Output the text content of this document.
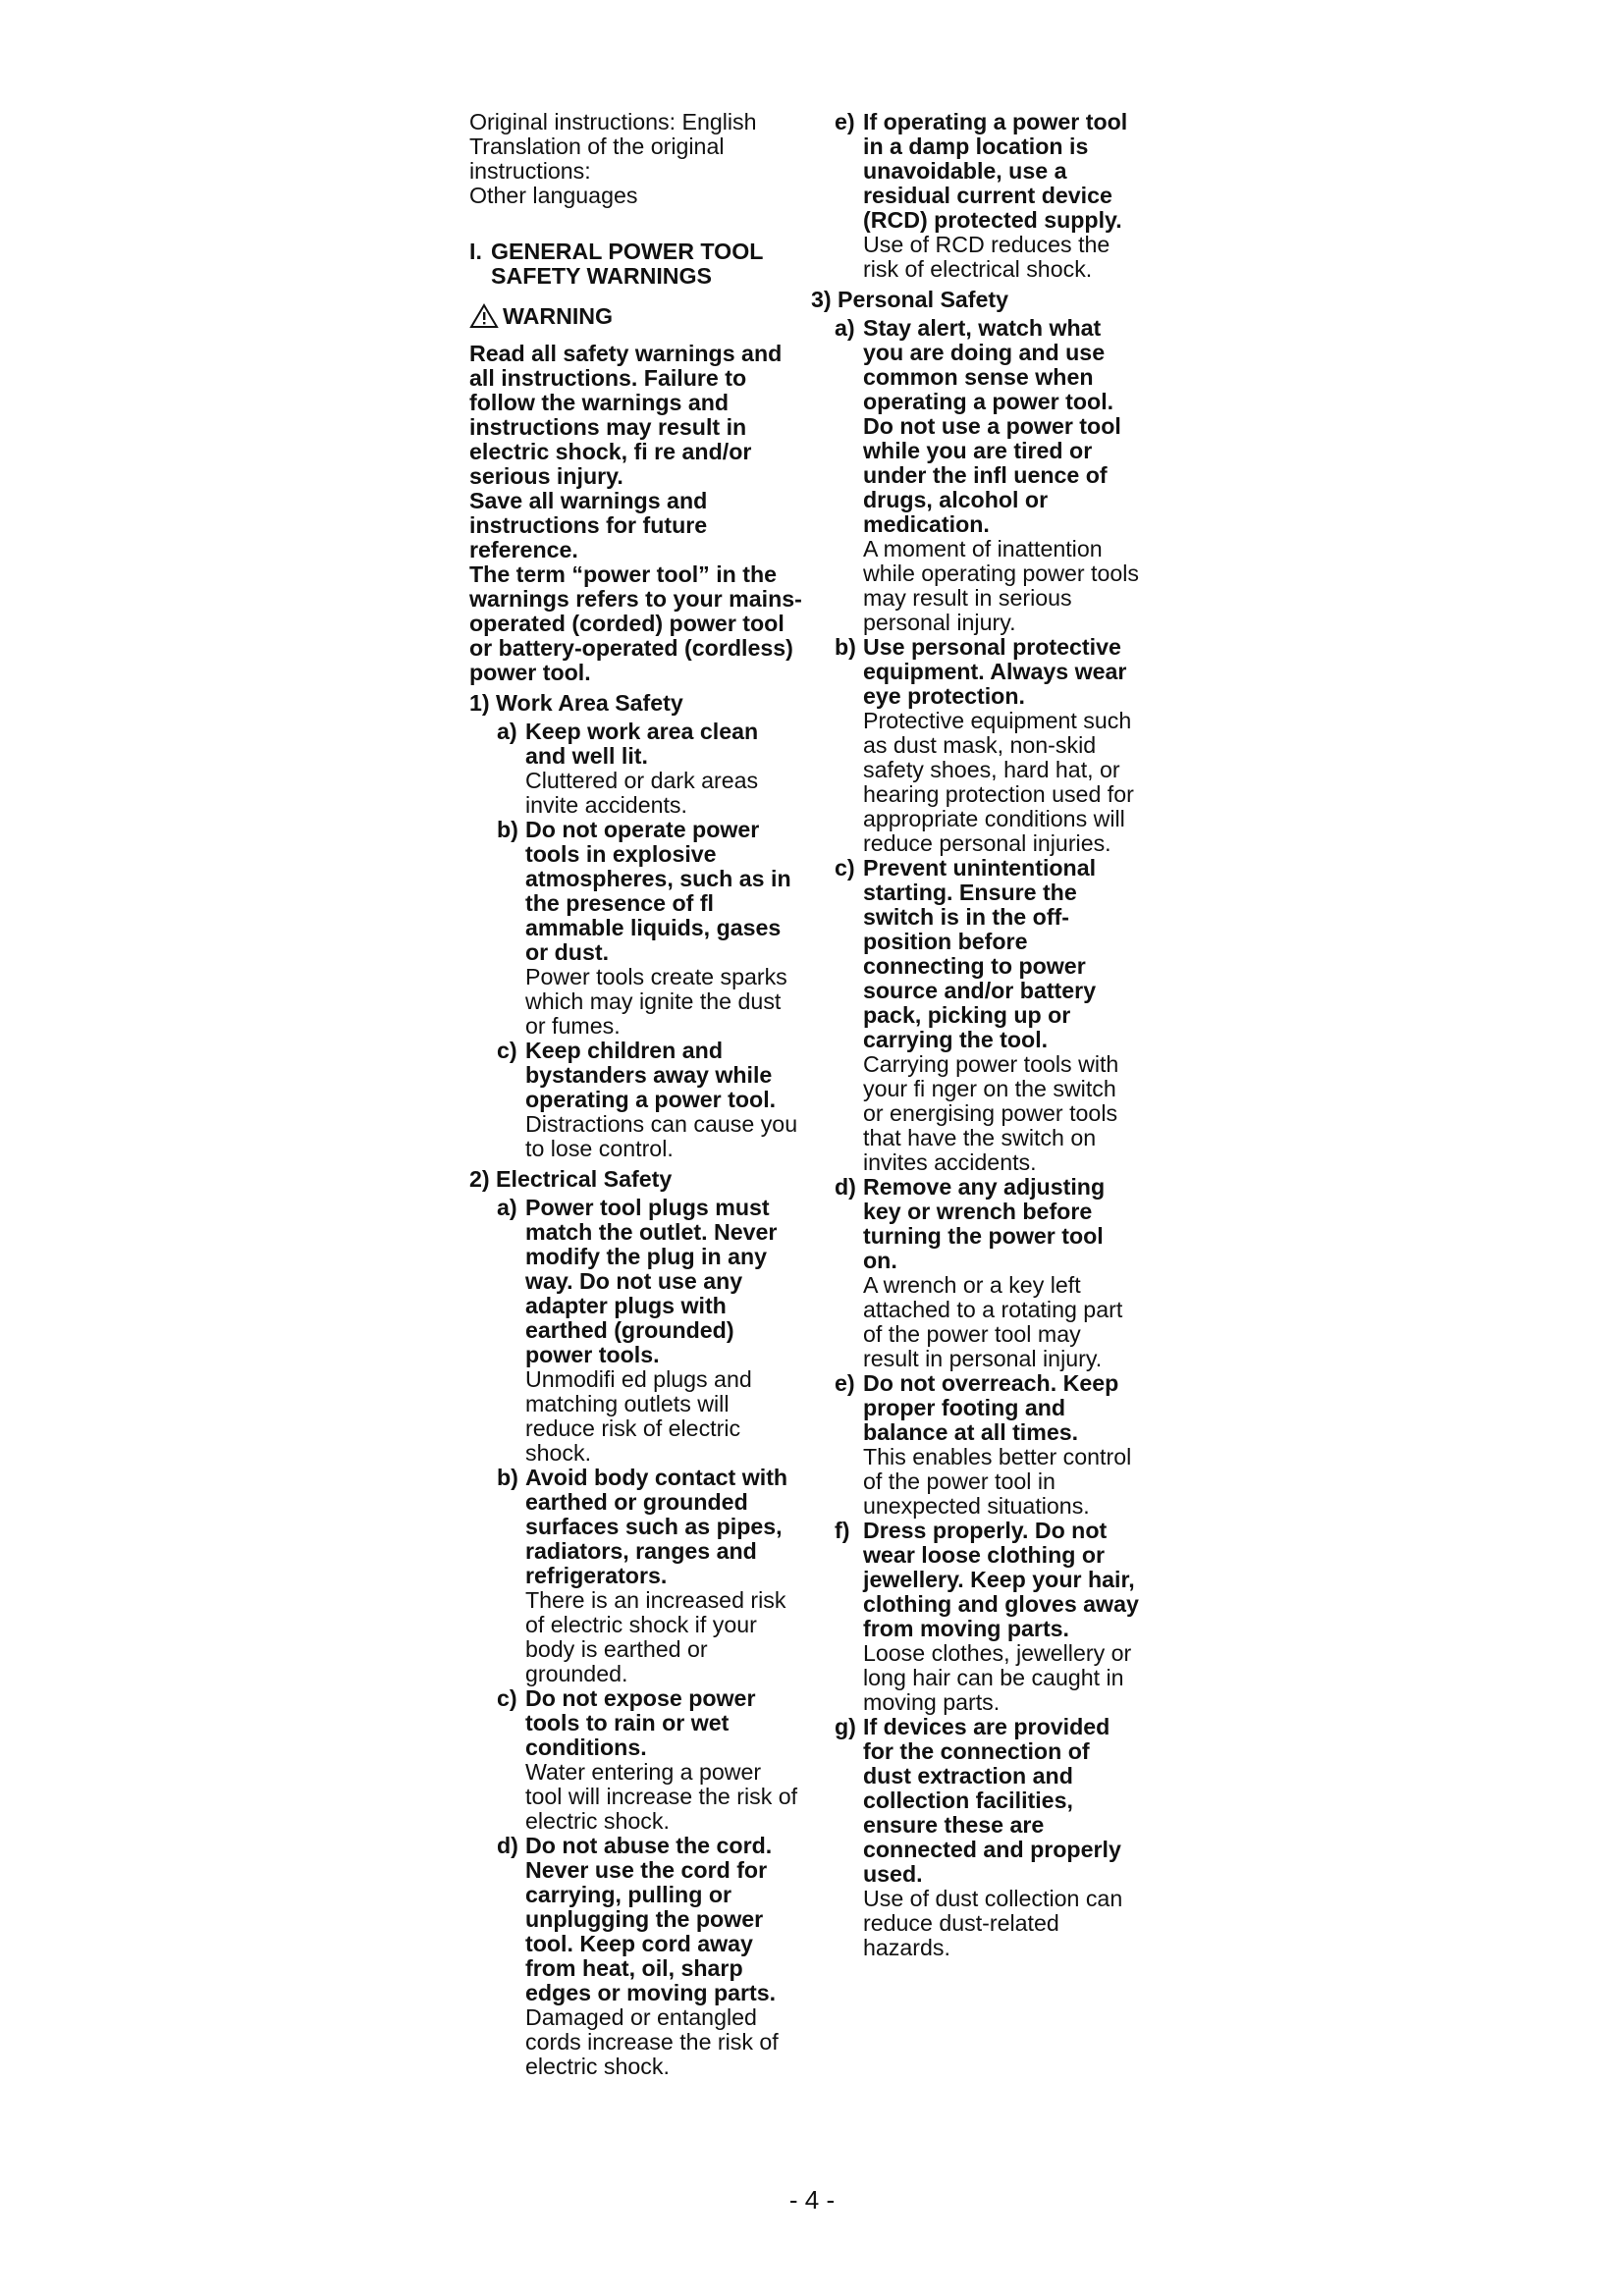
Original instructions: English

Translation of the original instructions:

Other languages

I. GENERAL POWER TOOL SAFETY WARNINGS
WARNING

Read all safety warnings and all instructions. Failure to follow the warnings and instructions may result in electric shock, fi re and/or serious injury.

Save all warnings and instructions for future reference.

The term “power tool” in the warnings refers to your mains-operated (corded) power tool or battery-operated (cordless) power tool.

1) Work Area Safety

a) Keep work area clean and well lit.

Cluttered or dark areas invite accidents.

b) Do not operate power tools in explosive atmospheres, such as in the presence of fl ammable liquids, gases or dust.

Power tools create sparks which may ignite the dust or fumes.

c) Keep children and bystanders away while operating a power tool.

Distractions can cause you to lose control.

2) Electrical Safety

a) Power tool plugs must match the outlet. Never modify the plug in any way. Do not use any adapter plugs with earthed (grounded) power tools.

Unmodifi ed plugs and matching outlets will reduce risk of electric shock.

b) Avoid body contact with earthed or grounded surfaces such as pipes, radiators, ranges and refrigerators.

There is an increased risk of electric shock if your body is earthed or grounded.

c) Do not expose power tools to rain or wet conditions.

Water entering a power tool will increase the risk of electric shock.

d) Do not abuse the cord. Never use the cord for carrying, pulling or unplugging the power tool. Keep cord away from heat, oil, sharp edges or moving parts.

Damaged or entangled cords increase the risk of electric shock.

e) If operating a power tool in a damp location is unavoidable, use a residual current device (RCD) protected supply.

Use of RCD reduces the risk of electrical shock.

3) Personal Safety

a) Stay alert, watch what you are doing and use common sense when operating a power tool. Do not use a power tool while you are tired or under the infl uence of drugs, alcohol or medication.

A moment of inattention while operating power tools may result in serious personal injury.

b) Use personal protective equipment. Always wear eye protection.

Protective equipment such as dust mask, non-skid safety shoes, hard hat, or hearing protection used for appropriate conditions will reduce personal injuries.

c) Prevent unintentional starting. Ensure the switch is in the off-position before connecting to power source and/or battery pack, picking up or carrying the tool.

Carrying power tools with your fi nger on the switch or energising power tools that have the switch on invites accidents.

d) Remove any adjusting key or wrench before turning the power tool on.

A wrench or a key left attached to a rotating part of the power tool may result in personal injury.

e) Do not overreach. Keep proper footing and balance at all times.

This enables better control of the power tool in unexpected situations.

f) Dress properly. Do not wear loose clothing or jewellery. Keep your hair, clothing and gloves away from moving parts.

Loose clothes, jewellery or long hair can be caught in moving parts.

g) If devices are provided for the connection of dust extraction and collection facilities, ensure these are connected and properly used.

Use of dust collection can reduce dust-related hazards.

- 4 -
